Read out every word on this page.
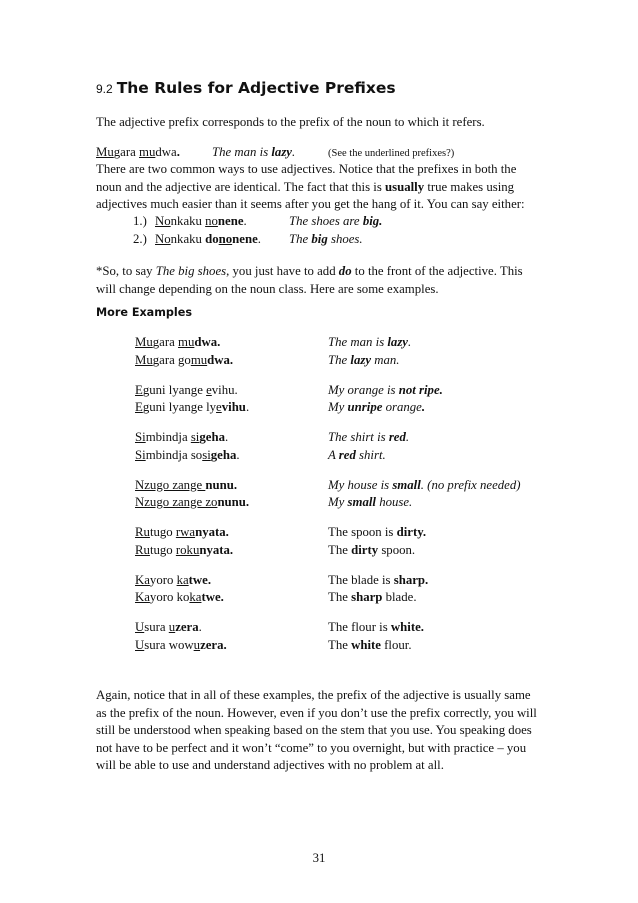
9.2 The Rules for Adjective Prefixes
The adjective prefix corresponds to the prefix of the noun to which it refers.
Mugara mudwa.	The man is lazy.	(See the underlined prefixes?)
There are two common ways to use adjectives. Notice that the prefixes in both the
noun and the adjective are identical. The fact that this is usually true makes using
adjectives much easier than it seems after you get the hang of it. You can say either:
1.) Nonkaku nonene.	The shoes are big.
2.) Nonkaku dononene. The big shoes.
*So, to say The big shoes, you just have to add do to the front of the adjective. This
will change depending on the noun class. Here are some examples.
More Examples
Mugara mudwa.	The man is lazy.
Mugara gomudwa.	The lazy man.
Eguni lyange evihu.	My orange is not ripe.
Eguni lyange lyevihu.	My unripe orange.
Simbindja sigeha.	The shirt is red.
Simbindja sosigeha.	A red shirt.
Nzugo zange nunu.	My house is small. (no prefix needed)
Nzugo zange zonunu.	My small house.
Rutugo rwanyata.	The spoon is dirty.
Rutugo rokunyata.	The dirty spoon.
Kayoro katwe.	The blade is sharp.
Kayoro kokatwe.	The sharp blade.
Usura uzera.	The flour is white.
Usura wowuzera.	The white flour.
Again, notice that in all of these examples, the prefix of the adjective is usually same
as the prefix of the noun. However, even if you don’t use the prefix correctly, you will
still be understood when speaking based on the stem that you use. You speaking does
not have to be perfect and it won’t “come” to you overnight, but with practice – you
will be able to use and understand adjectives with no problem at all.
31
